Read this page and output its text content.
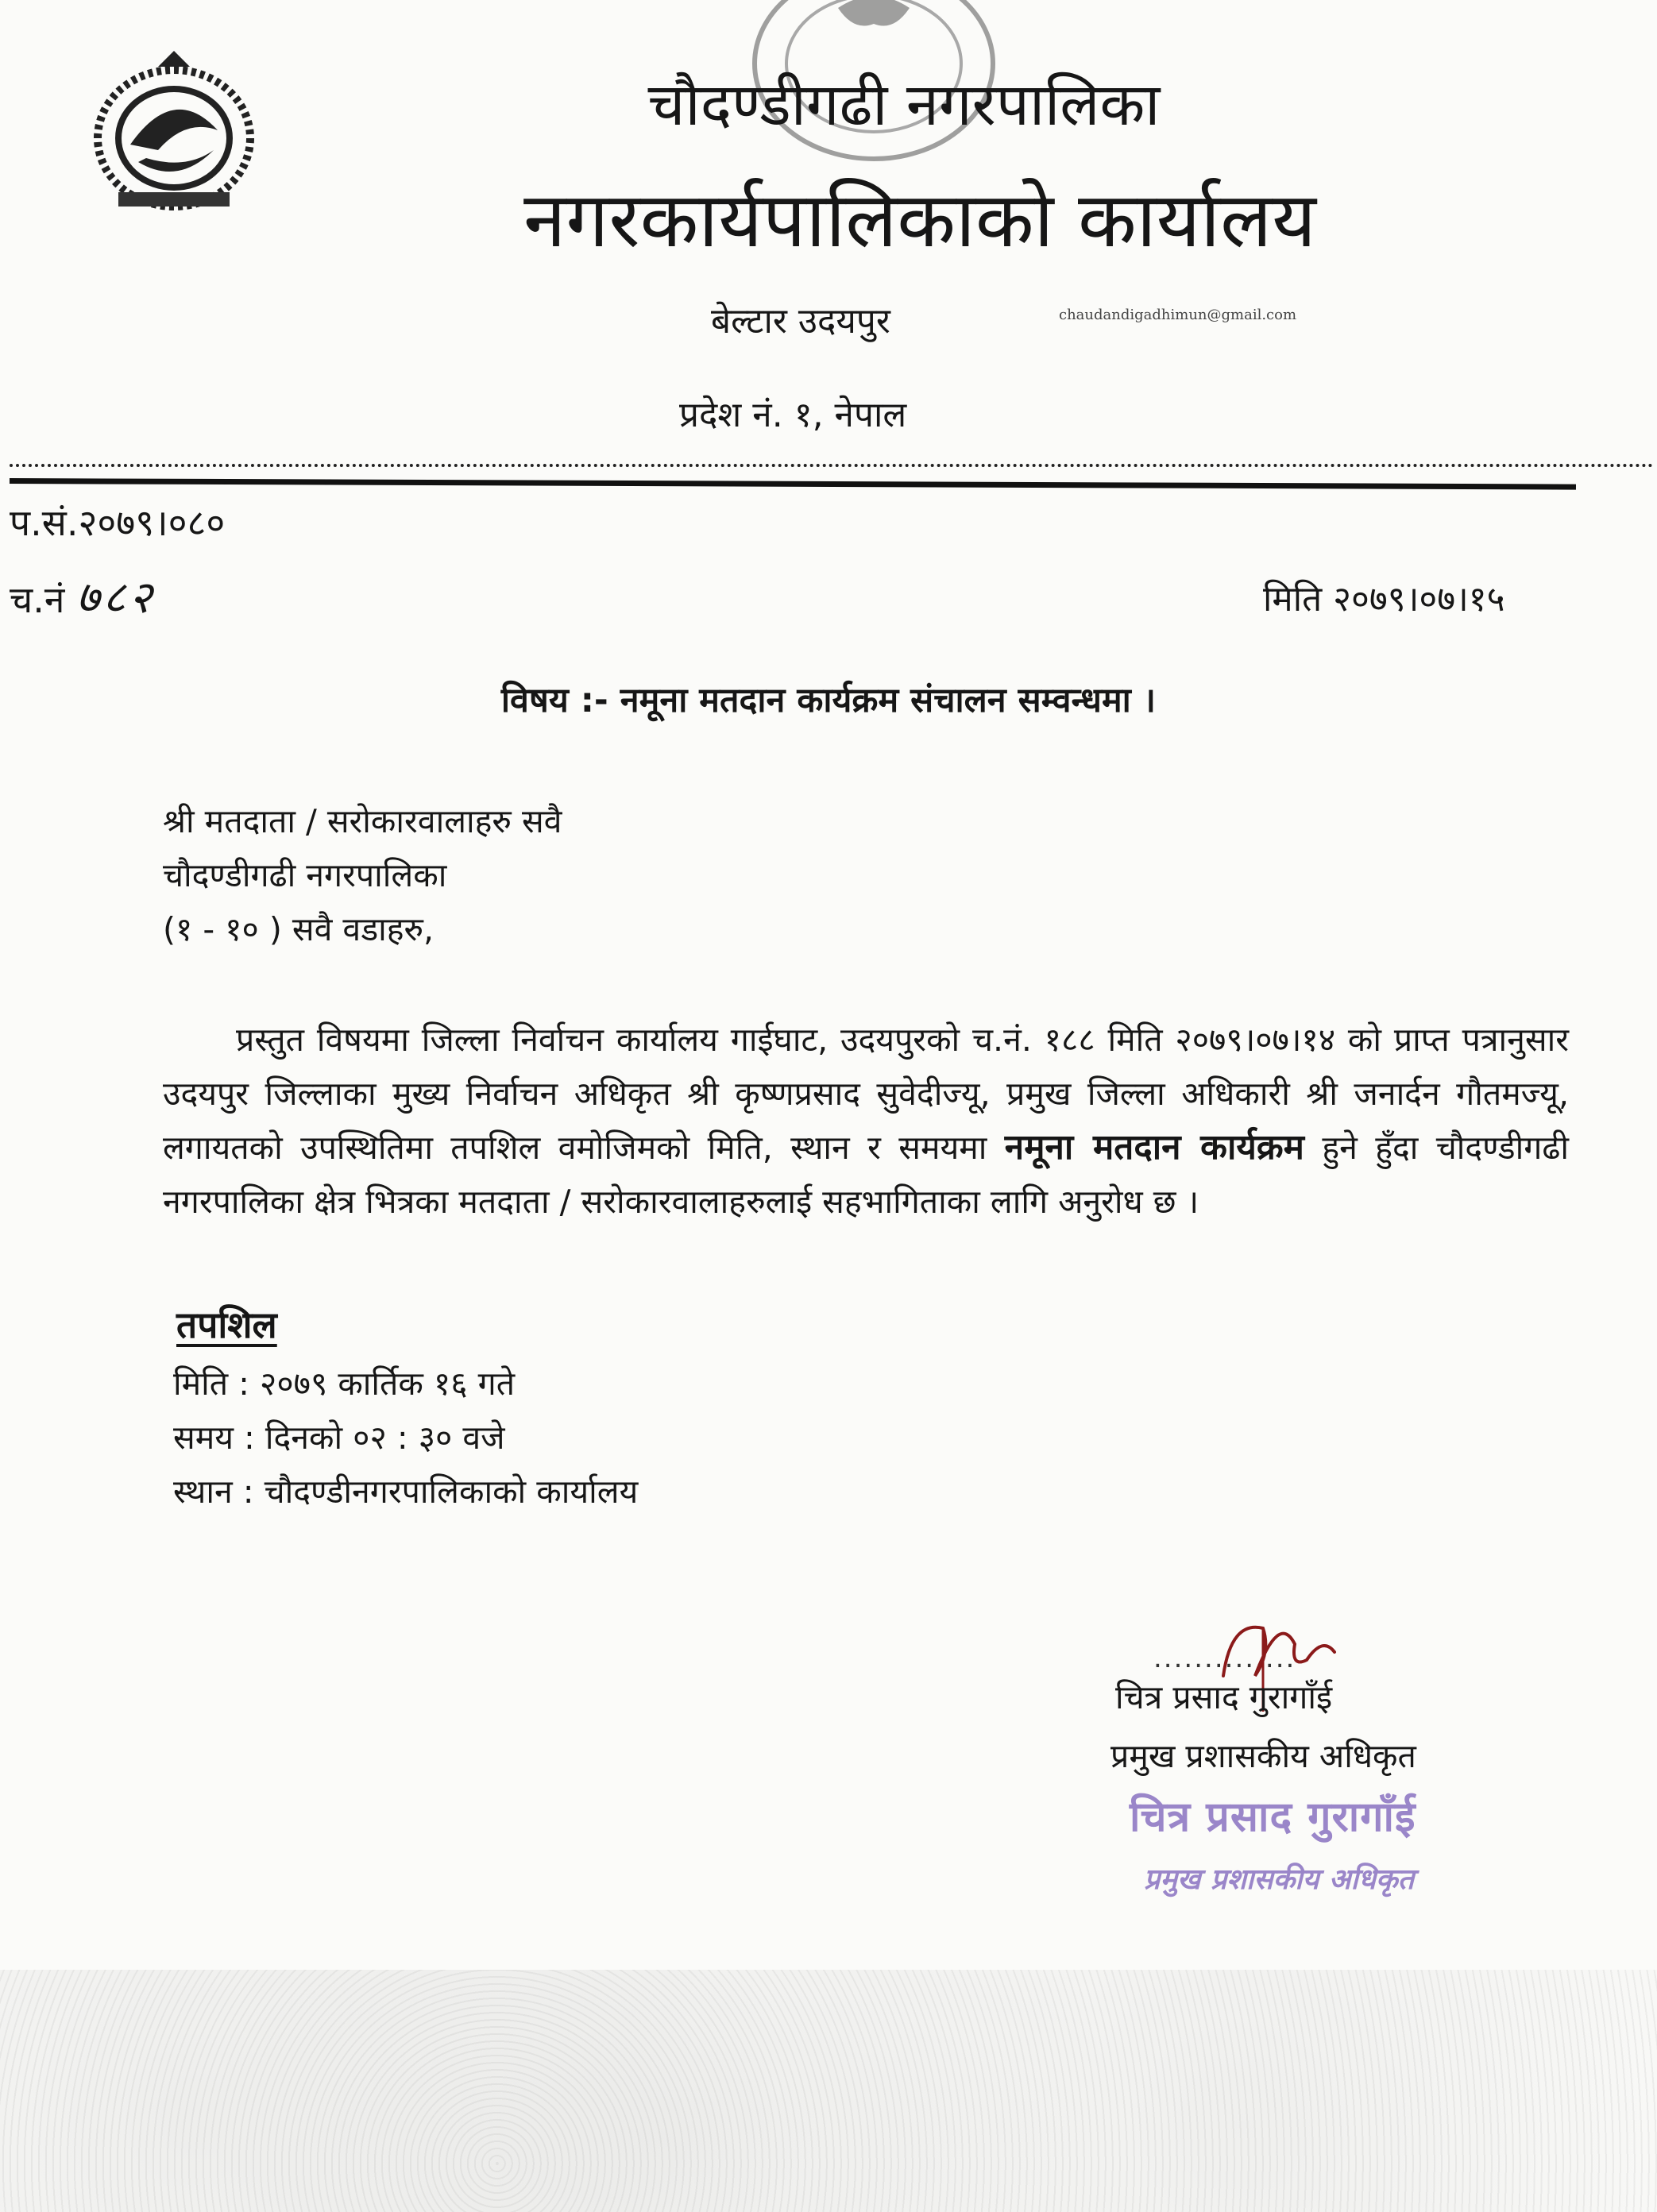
चौदण्डीगढी नगरपालिका
नगरकार्यपालिकाको कार्यालय
बेल्टार उदयपुर	chaudandigadhimun@gmail.com
प्रदेश नं. १, नेपाल
प.सं.२०७९।०८०
च.नं ७८२	मिति २०७९।०७।१५
विषय :- नमूना मतदान कार्यक्रम संचालन सम्वन्धमा ।
श्री मतदाता / सरोकारवालाहरु सवै
चौदण्डीगढी नगरपालिका
(१ - १० ) सवै वडाहरु,
प्रस्तुत विषयमा जिल्ला निर्वाचन कार्यालय गाईघाट, उदयपुरको च.नं. १८८ मिति २०७९।०७।१४ को प्राप्त पत्रानुसार उदयपुर जिल्लाका मुख्य निर्वाचन अधिकृत श्री कृष्णप्रसाद सुवेदीज्यू, प्रमुख जिल्ला अधिकारी श्री जनार्दन गौतमज्यू, लगायतको उपस्थितिमा तपशिल वमोजिमको मिति, स्थान र समयमा नमूना मतदान कार्यक्रम हुने हुँदा चौदण्डीगढी नगरपालिका क्षेत्र भित्रका मतदाता / सरोकारवालाहरुलाई सहभागिताका लागि अनुरोध छ ।
तपशिल
मिति : २०७९ कार्तिक १६ गते
समय : दिनको ०२ : ३० वजे
स्थान : चौदण्डीनगरपालिकाको कार्यालय
..............
चित्र प्रसाद गुरागाँई
प्रमुख प्रशासकीय अधिकृत
चित्र प्रसाद गुरागाँई
प्रमुख प्रशासकीय अधिकृत
